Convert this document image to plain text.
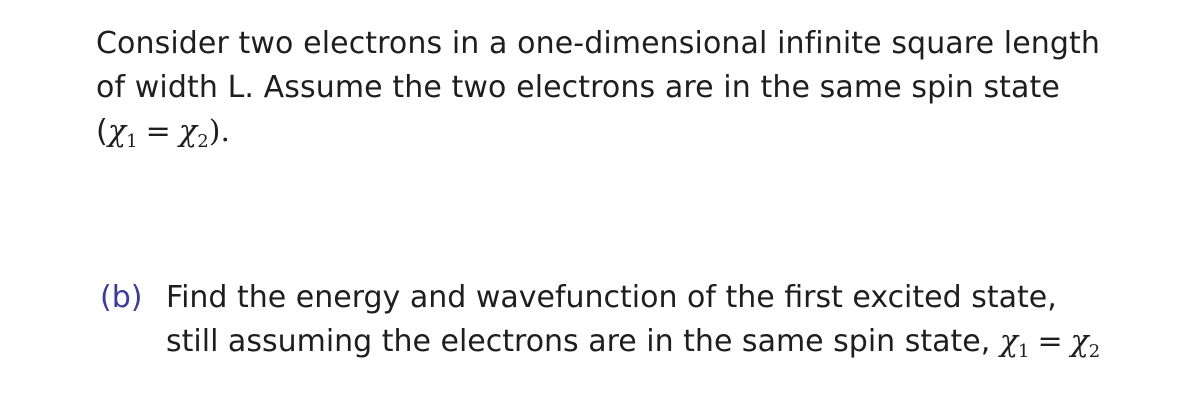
Consider two electrons in a one-dimensional infinite square length
of width L. Assume the two electrons are in the same spin state
$(\chi_1 = \chi_2)$.
(b) Find the energy and wavefunction of the first excited state,
still assuming the electrons are in the same spin state, $\chi_1 = \chi_2$
